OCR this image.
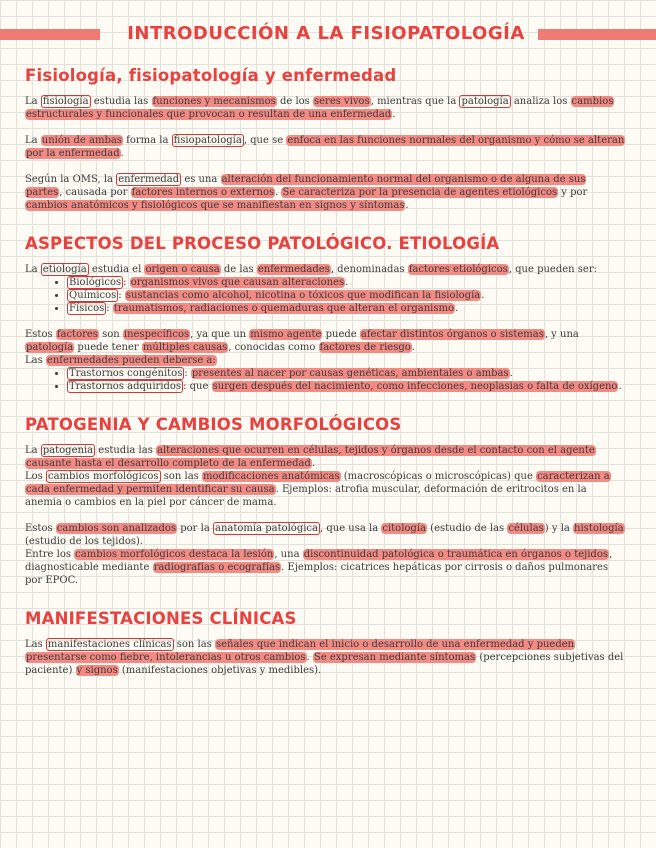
INTRODUCCIÓN A LA FISIOPATOLOGÍA
Fisiología, fisiopatología y enfermedad

La fisiología estudia las funciones y mecanismos de los seres vivos, mientras que la patología analiza los cambios estructurales y funcionales que provocan o resultan de una enfermedad.

La unión de ambas forma la fisiopatología , que se enfoca en las funciones normales del organismo y cómo se alteran por la enfermedad.

Según la OMS, la enfermedad es una alteración del funcionamiento normal del organismo o de alguna de sus partes, causada por factores internos o externos. Se caracteriza por la presencia de agentes etiológicos y por cambios anatómicos y fisiológicos que se manifiestan en signos y síntomas.

ASPECTOS DEL PROCESO PATOLÓGICO. ETIOLOGÍA

La etiología estudia el origen o causa de las enfermedades, denominadas factores etiológicos, que pueden ser:

• Biológicos : organismos vivos que causan alteraciones.
• Químicos : sustancias como alcohol, nicotina o tóxicos que modifican la fisiología.
• Físicos : traumatismos, radiaciones o quemaduras que alteran el organismo.

Estos factores son inespecíficos, ya que un mismo agente puede afectar distintos órganos o sistemas, y una patología puede tener múltiples causas, conocidas como factores de riesgo.

Las enfermedades pueden deberse a:

• Trastornos congénitos : presentes al nacer por causas genéticas, ambientales o ambas.
• Trastornos adquiridos : que surgen después del nacimiento, como infecciones, neoplasias o falta de oxígeno.
PATOGENIA Y CAMBIOS MORFOLÓGICOS

La patogenia estudia las alteraciones que ocurren en células, tejidos y órganos desde el contacto con el agente causante hasta el desarrollo completo de la enfermedad.

Los cambios morfológicos son las modificaciones anatómicas (macroscópicas o microscópicas) que caracterizan a cada enfermedad y permiten identificar su causa. Ejemplos: atrofia muscular, deformación de eritrocitos en la anemia o cambios en la piel por cáncer de mama.

Estos cambios son analizados por la anatomía patológica , que usa la citología (estudio de las células) y la histología (estudio de los tejidos).

Entre los cambios morfológicos destaca la lesión, una discontinuidad patológica o traumática en órganos o tejidos, diagnosticable mediante radiografías o ecografías. Ejemplos: cicatrices hepáticas por cirrosis o daños pulmonares por EPOC.

MANIFESTACIONES CLÍNICAS

Las manifestaciones clínicas son las señales que indican el inicio o desarrollo de una enfermedad y pueden presentarse como fiebre, intolerancias u otros cambios. Se expresan mediante síntomas (percepciones subjetivas del paciente) y signos (manifestaciones objetivas y medibles).
